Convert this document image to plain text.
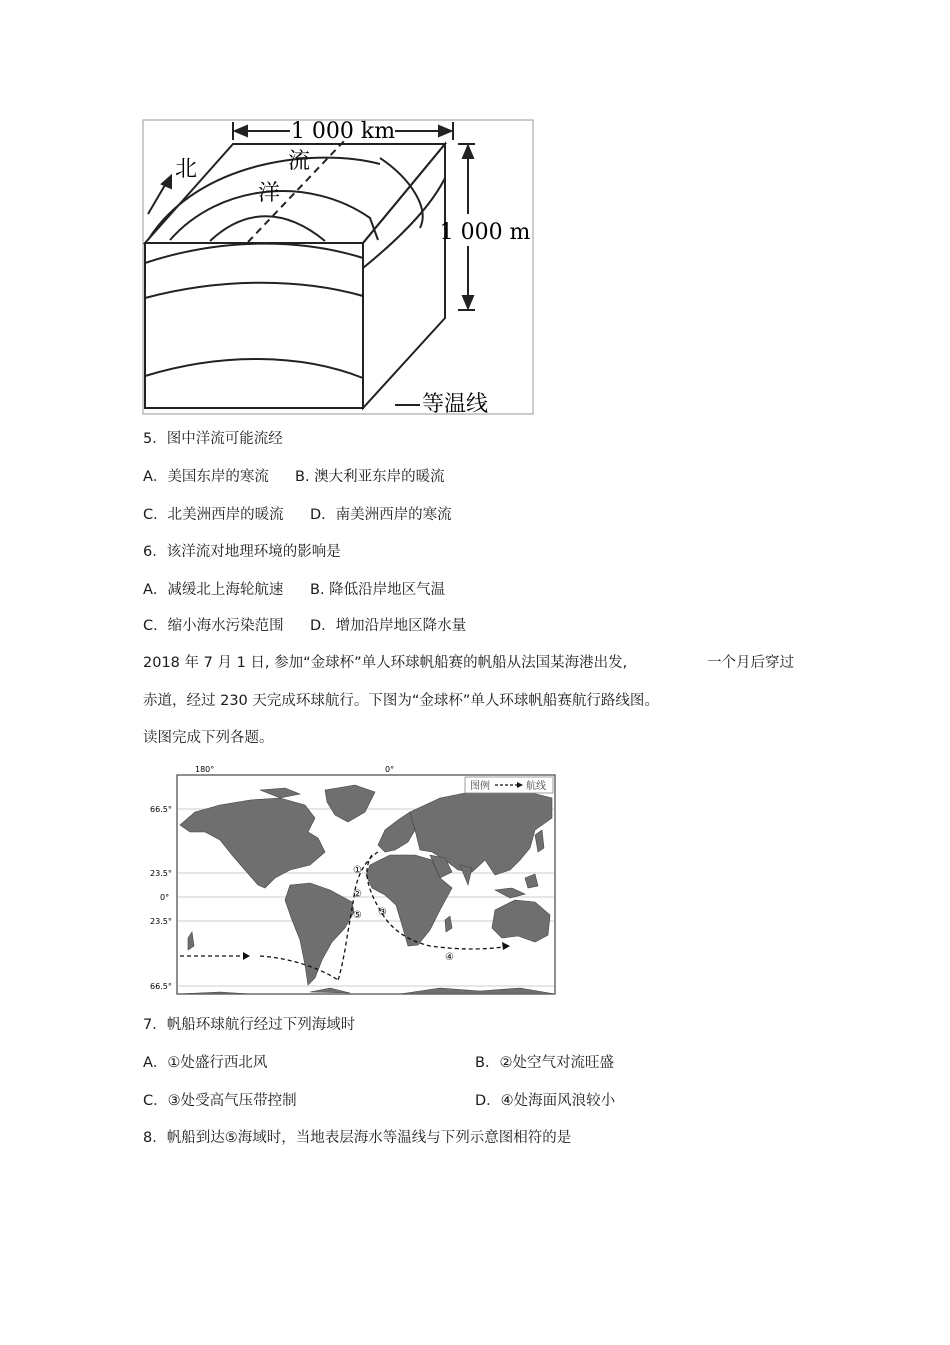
1 000 km
1 000 m
北	流
洋
等温线
5．图中洋流可能流经
A．美国东岸的寒流 B. 澳大利亚东岸的暖流
C．北美洲西岸的暖流 D．南美洲西岸的寒流
6．该洋流对地理环境的影响是
A．减缓北上海轮航速 B. 降低沿岸地区气温
C．缩小海水污染范围 D．增加沿岸地区降水量
2018 年 7 月 1 日, 参加“金球杯”单人环球帆船赛的帆船从法国某海港出发,	一个月后穿过
赤道，经过 230 天完成环球航行。下图为“金球杯”单人环球帆船赛航行路线图。
读图完成下列各题。
图例	航线
180°	0°
66.5°
23.5°
0°
23.5°
66.5°
①
②
③
④
⑤
7．帆船环球航行经过下列海域时
A．①处盛行西北风	B．②处空气对流旺盛
C．③处受高气压带控制	D．④处海面风浪较小
8．帆船到达⑤海域时，当地表层海水等温线与下列示意图相符的是
